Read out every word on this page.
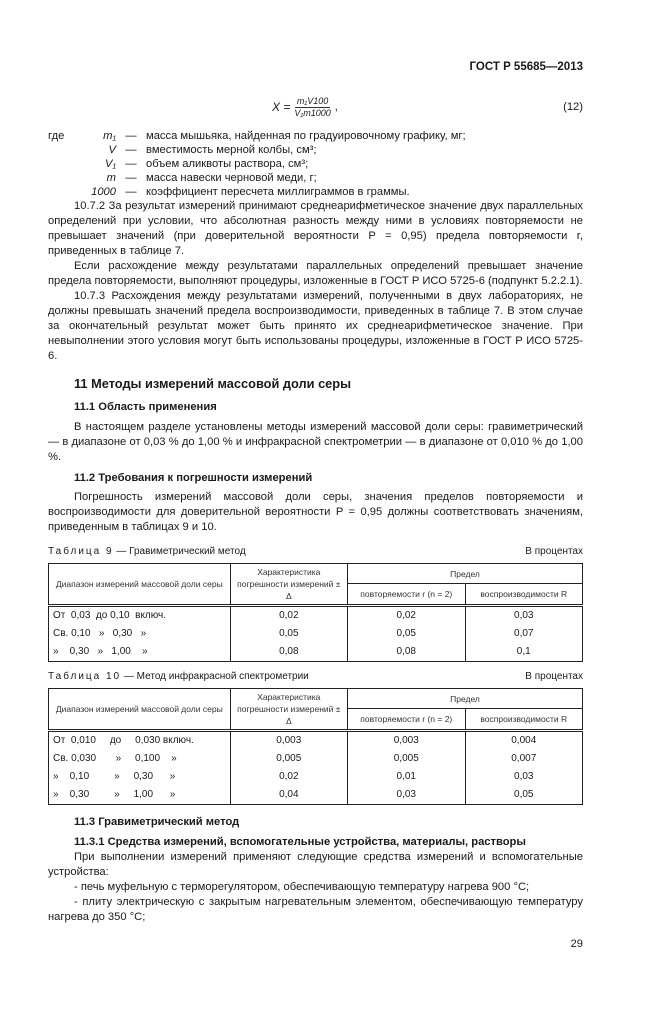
ГОСТ Р 55685—2013
$X = \frac{\text{m₁V100}}{\text{V₁m1000}}$ ,	(12)
где	m₁ — масса мышьяка, найденная по градуировочному графику, мг;
V — вместимость мерной колбы, см³;
V₁ — объем аликвоты раствора, см³;
m — масса навески черновой меди, г;
1000 — коэффициент пересчета миллиграммов в граммы.

10.7.2 За результат измерений принимают среднеарифметическое значение двух параллельных определений при условии, что абсолютная разность между ними в условиях повторяемости не превышает значений (при доверительной вероятности P = 0,95) предела повторяемости r, приведенных в таблице 7.

Если расхождение между результатами параллельных определений превышает значение предела повторяемости, выполняют процедуры, изложенные в ГОСТ Р ИСО 5725-6 (подпункт 5.2.2.1).

10.7.3 Расхождения между результатами измерений, полученными в двух лабораториях, не должны превышать значений предела воспроизводимости, приведенных в таблице 7. В этом случае за окончательный результат может быть принято их среднеарифметическое значение. При невыполнении этого условия могут быть использованы процедуры, изложенные в ГОСТ Р ИСО 5725-6.

11 Методы измерений массовой доли серы
11.1 Область применения

В настоящем разделе установлены методы измерений массовой доли серы: гравиметрический — в диапазоне от 0,03 % до 1,00 % и инфракрасной спектрометрии — в диапазоне от 0,010 % до 1,00 %.

11.2 Требования к погрешности измерений

Погрешность измерений массовой доли серы, значения пределов повторяемости и воспроизводимости для доверительной вероятности P = 0,95 должны соответствовать значениям, приведенным в таблицах 9 и 10.

Таблица 9 — Гравиметрический метод	В процентах
Диапазон измерений массовой доли серы	Характеристика погрешности измерений ± Δ	Предел	
		повторяемости r (n = 2)	воспроизводимости R
От  0,03  до 0,10  включ.	0,02	0,02	0,03
Св. 0,10   »   0,30   »	0,05	0,05	0,07
»    0,30   »   1,00    »	0,08	0,08	0,1
Таблица 10 — Метод инфракрасной спектрометрии	В процентах
Диапазон измерений массовой доли серы	Характеристика погрешности измерений ± Δ	Предел	
		повторяемости r (n = 2)	воспроизводимости R
От  0,010     до     0,030 включ.	0,003	0,003	0,004
Св. 0,030       »     0,100    »	0,005	0,005	0,007
»    0,10         »     0,30      »	0,02	0,01	0,03
»    0,30         »     1,00      »	0,04	0,03	0,05
11.3 Гравиметрический метод
11.3.1 Средства измерений, вспомогательные устройства, материалы, растворы

При выполнении измерений применяют следующие средства измерений и вспомогательные устройства:

- печь муфельную с терморегулятором, обеспечивающую температуру нагрева 900 °С;

- плиту электрическую с закрытым нагревательным элементом, обеспечивающую температуру нагрева до 350 °С;

29
